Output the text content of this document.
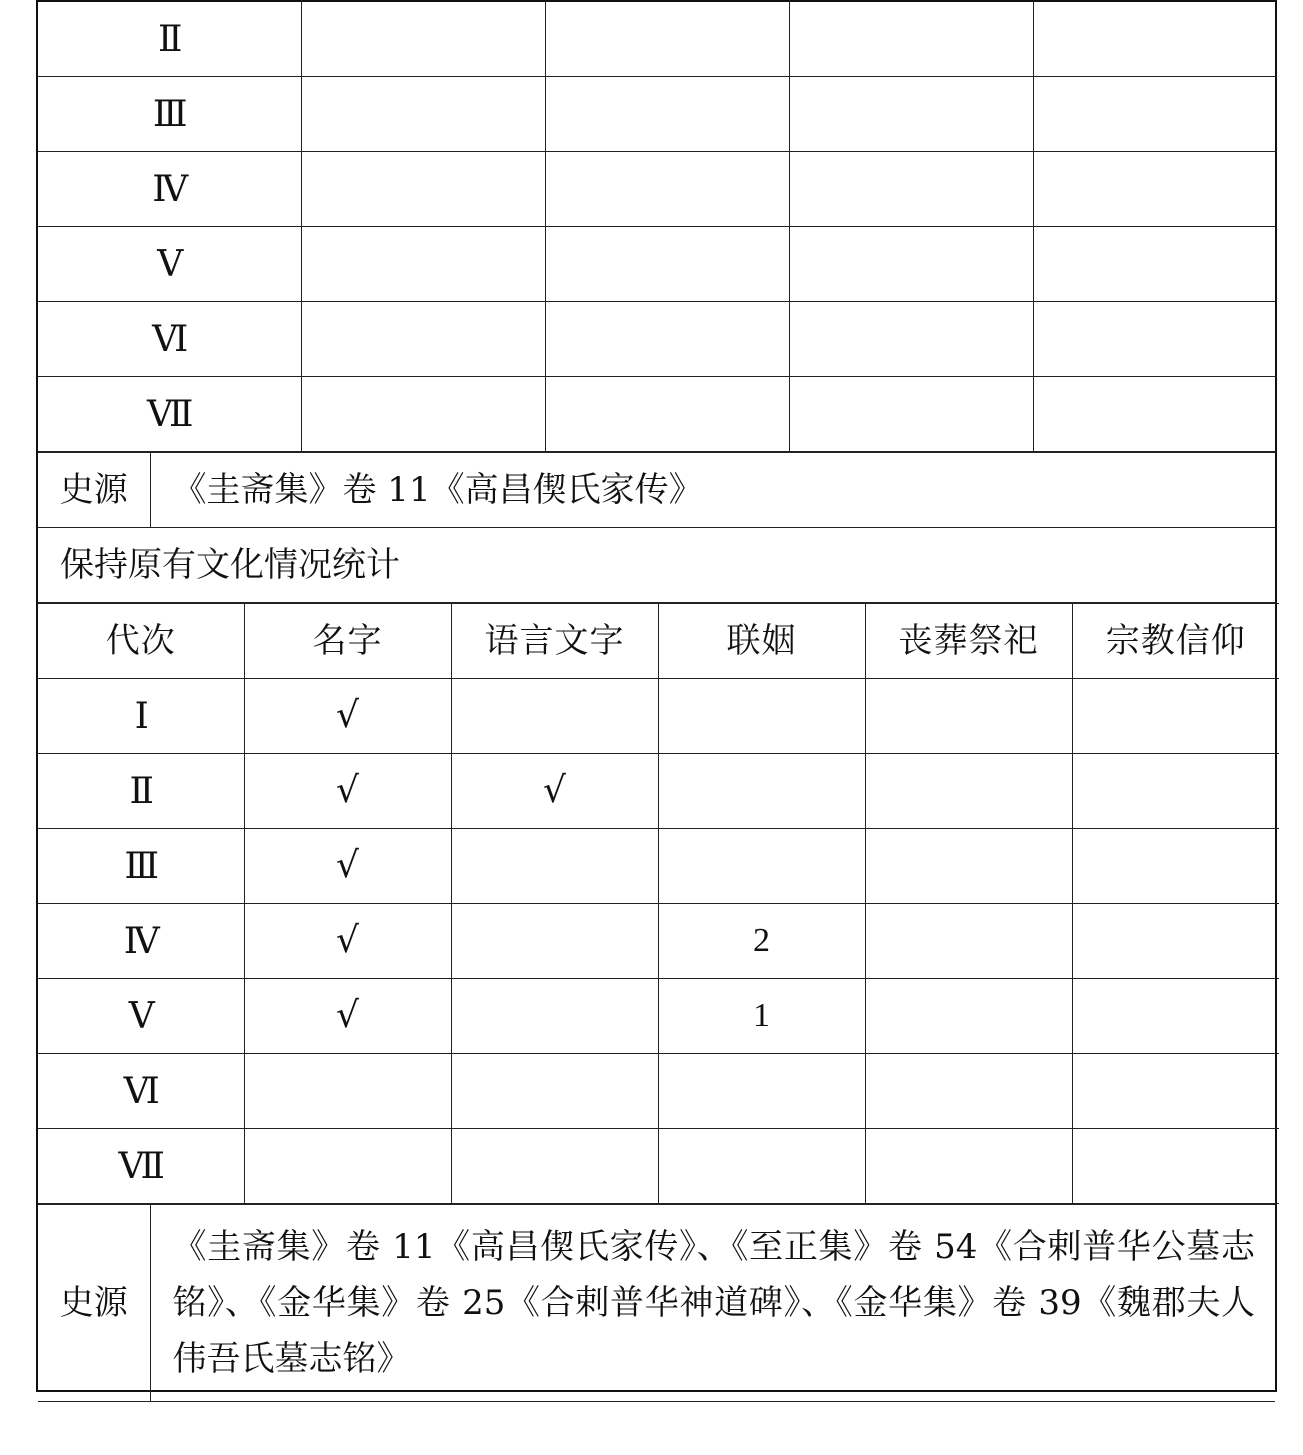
Ⅱ				
Ⅲ				
Ⅳ				
Ⅴ				
Ⅵ				
Ⅶ				
史源	《圭斋集》卷 11《高昌偰氏家传》
保持原有文化情况统计
代次	名字	语言文字	联姻	丧葬祭祀	宗教信仰
Ⅰ	√				
Ⅱ	√	√			
Ⅲ	√				
Ⅳ	√		2		
Ⅴ	√		1		
Ⅵ					
Ⅶ					
史源	《圭斋集》卷 11《高昌偰氏家传》、《至正集》卷 54《合剌普华公墓志铭》、《金华集》卷 25《合剌普华神道碑》、《金华集》卷 39《魏郡夫人伟吾氏墓志铭》
